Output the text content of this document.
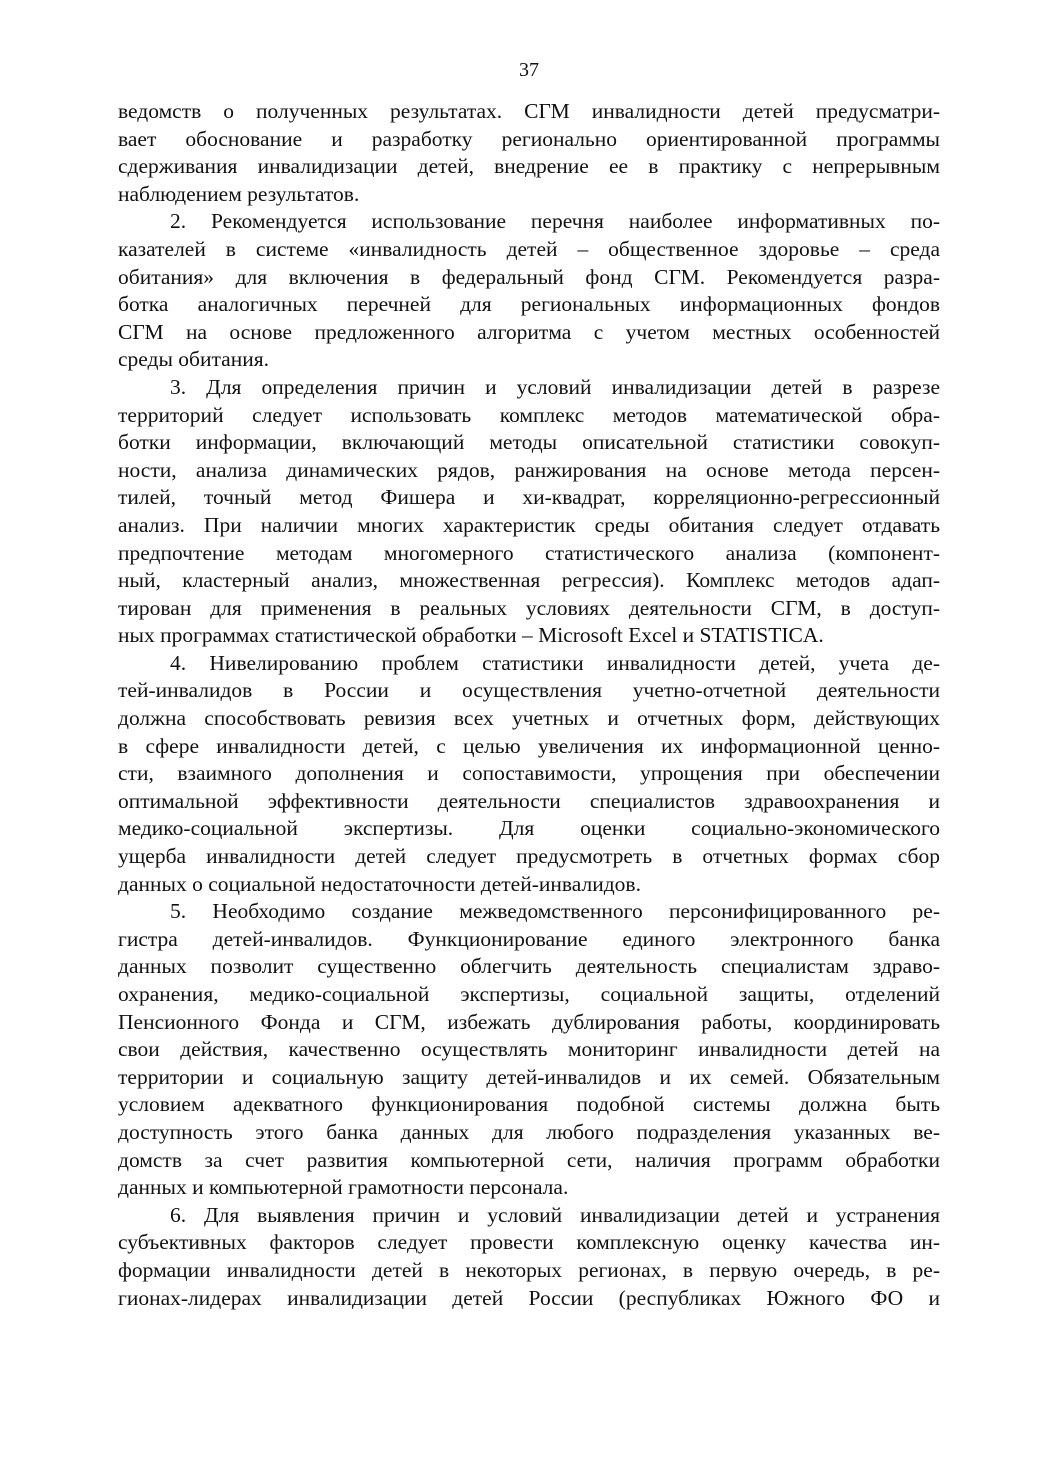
37
ведомств о полученных результатах. СГМ инвалидности детей предусматри-
вает обоснование и разработку регионально ориентированной программы
сдерживания инвалидизации детей, внедрение ее в практику с непрерывным
наблюдением результатов.
2. Рекомендуется использование перечня наиболее информативных по-
казателей в системе «инвалидность детей – общественное здоровье – среда
обитания» для включения в федеральный фонд СГМ. Рекомендуется разра-
ботка аналогичных перечней для региональных информационных фондов
СГМ на основе предложенного алгоритма с учетом местных особенностей
среды обитания.
3. Для определения причин и условий инвалидизации детей в разрезе
территорий следует использовать комплекс методов математической обра-
ботки информации, включающий методы описательной статистики совокуп-
ности, анализа динамических рядов, ранжирования на основе метода персен-
тилей, точный метод Фишера и хи-квадрат, корреляционно-регрессионный
анализ. При наличии многих характеристик среды обитания следует отдавать
предпочтение методам многомерного статистического анализа (компонент-
ный, кластерный анализ, множественная регрессия). Комплекс методов адап-
тирован для применения в реальных условиях деятельности СГМ, в доступ-
ных программах статистической обработки – Microsoft Excel и STATISTICA.
4. Нивелированию проблем статистики инвалидности детей, учета де-
тей-инвалидов в России и осуществления учетно-отчетной деятельности
должна способствовать ревизия всех учетных и отчетных форм, действующих
в сфере инвалидности детей, с целью увеличения их информационной ценно-
сти, взаимного дополнения и сопоставимости, упрощения при обеспечении
оптимальной эффективности деятельности специалистов здравоохранения и
медико-социальной экспертизы. Для оценки социально-экономического
ущерба инвалидности детей следует предусмотреть в отчетных формах сбор
данных о социальной недостаточности детей-инвалидов.
5. Необходимо создание межведомственного персонифицированного ре-
гистра детей-инвалидов. Функционирование единого электронного банка
данных позволит существенно облегчить деятельность специалистам здраво-
охранения, медико-социальной экспертизы, социальной защиты, отделений
Пенсионного Фонда и СГМ, избежать дублирования работы, координировать
свои действия, качественно осуществлять мониторинг инвалидности детей на
территории и социальную защиту детей-инвалидов и их семей. Обязательным
условием адекватного функционирования подобной системы должна быть
доступность этого банка данных для любого подразделения указанных ве-
домств за счет развития компьютерной сети, наличия программ обработки
данных и компьютерной грамотности персонала.
6. Для выявления причин и условий инвалидизации детей и устранения
субъективных факторов следует провести комплексную оценку качества ин-
формации инвалидности детей в некоторых регионах, в первую очередь, в ре-
гионах-лидерах инвалидизации детей России (республиках Южного ФО и
